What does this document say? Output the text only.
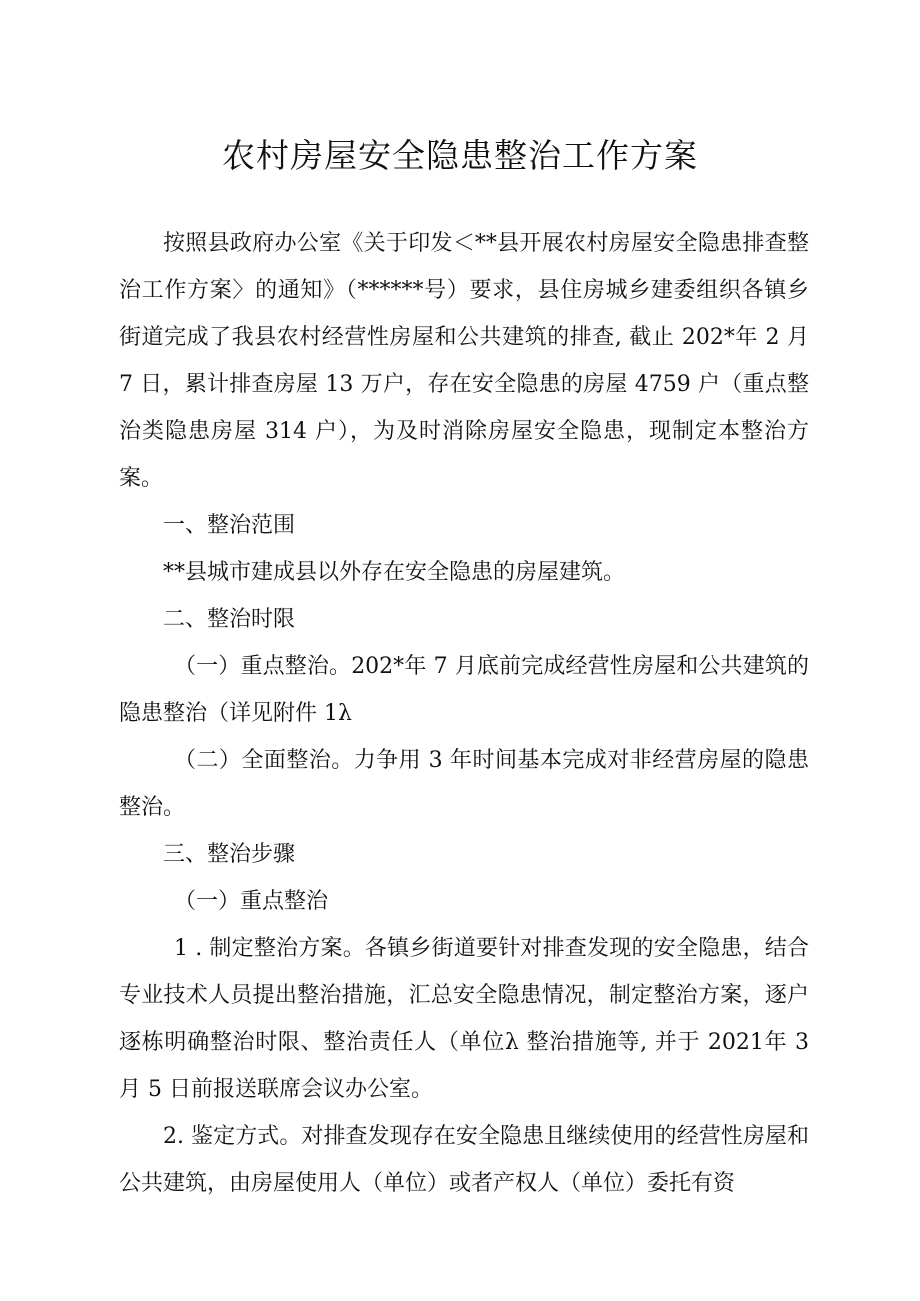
农村房屋安全隐患整治工作方案

按照县政府办公室《关于印发＜**县开展农村房屋安全隐患排查整治工作方案〉的通知》（******号）要求，县住房城乡建委组织各镇乡街道完成了我县农村经营性房屋和公共建筑的排查, 截止 202*年 2 月 7 日，累计排查房屋 13 万户，存在安全隐患的房屋 4759 户（重点整治类隐患房屋 314 户），为及时消除房屋安全隐患，现制定本整治方案。

一、整治范围

**县城市建成县以外存在安全隐患的房屋建筑。

二、整治时限

（一）重点整治。202*年 7 月底前完成经营性房屋和公共建筑的隐患整治（详见附件 1λ

（二）全面整治。力争用 3 年时间基本完成对非经营房屋的隐患整治。

三、整治步骤

（一）重点整治

1 . 制定整治方案。各镇乡街道要针对排查发现的安全隐患，结合专业技术人员提出整治措施，汇总安全隐患情况，制定整治方案，逐户逐栋明确整治时限、整治责任人（单位λ 整治措施等, 并于 2021年 3 月 5 日前报送联席会议办公室。

2. 鉴定方式。对排查发现存在安全隐患且继续使用的经营性房屋和公共建筑，由房屋使用人（单位）或者产权人（单位）委托有资
